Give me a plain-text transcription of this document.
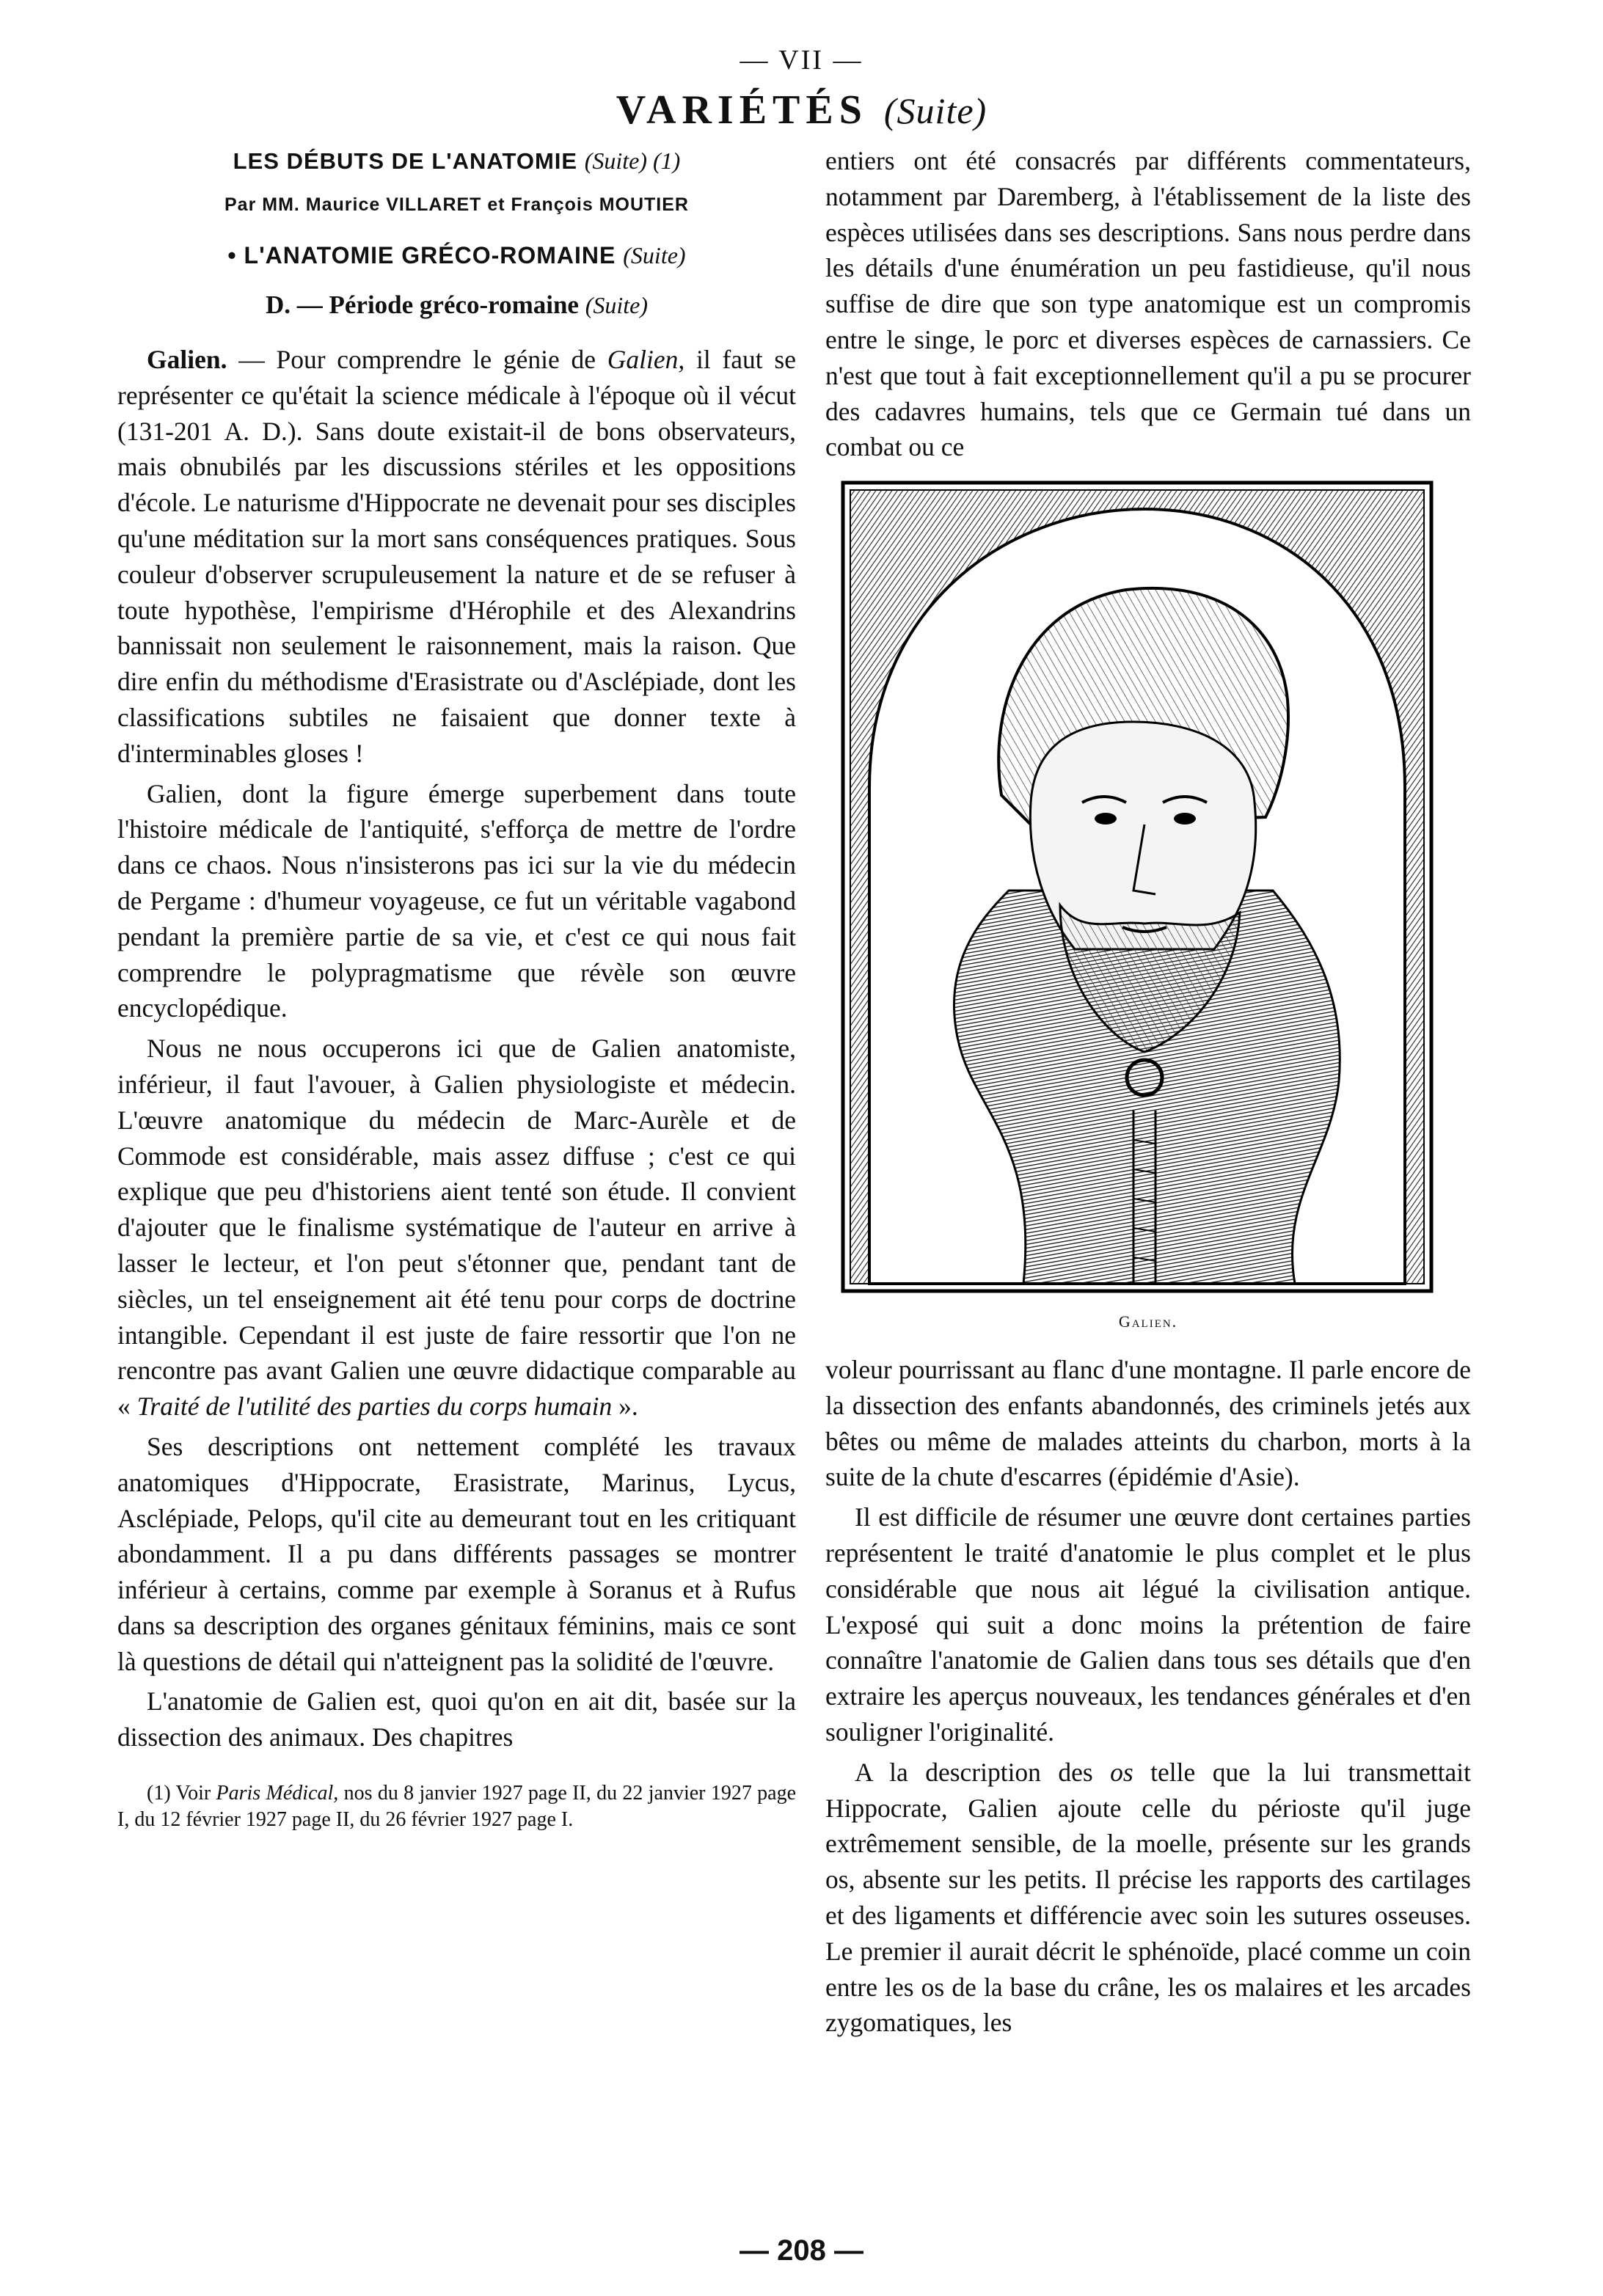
— VII —
VARIÉTÉS (Suite)
LES DÉBUTS DE L'ANATOMIE (Suite) (1)
Par MM. Maurice VILLARET et François MOUTIER
• L'ANATOMIE GRÉCO-ROMAINE (Suite)
D. — Période gréco-romaine (Suite)

Galien. — Pour comprendre le génie de Galien, il faut se représenter ce qu'était la science médicale à l'époque où il vécut (131-201 A. D.). Sans doute existait-il de bons observateurs, mais obnubilés par les discussions stériles et les oppositions d'école. Le naturisme d'Hippocrate ne devenait pour ses disciples qu'une méditation sur la mort sans conséquences pratiques. Sous couleur d'observer scrupuleusement la nature et de se refuser à toute hypothèse, l'empirisme d'Hérophile et des Alexandrins bannissait non seulement le raisonnement, mais la raison. Que dire enfin du méthodisme d'Erasistrate ou d'Asclépiade, dont les classifications subtiles ne faisaient que donner texte à d'interminables gloses !

Galien, dont la figure émerge superbement dans toute l'histoire médicale de l'antiquité, s'efforça de mettre de l'ordre dans ce chaos. Nous n'insisterons pas ici sur la vie du médecin de Pergame : d'humeur voyageuse, ce fut un véritable vagabond pendant la première partie de sa vie, et c'est ce qui nous fait comprendre le polypragmatisme que révèle son œuvre encyclopédique.

Nous ne nous occuperons ici que de Galien anatomiste, inférieur, il faut l'avouer, à Galien physiologiste et médecin. L'œuvre anatomique du médecin de Marc-Aurèle et de Commode est considérable, mais assez diffuse ; c'est ce qui explique que peu d'historiens aient tenté son étude. Il convient d'ajouter que le finalisme systématique de l'auteur en arrive à lasser le lecteur, et l'on peut s'étonner que, pendant tant de siècles, un tel enseignement ait été tenu pour corps de doctrine intangible. Cependant il est juste de faire ressortir que l'on ne rencontre pas avant Galien une œuvre didactique comparable au « Traité de l'utilité des parties du corps humain ».

Ses descriptions ont nettement complété les travaux anatomiques d'Hippocrate, Erasistrate, Marinus, Lycus, Asclépiade, Pelops, qu'il cite au demeurant tout en les critiquant abondamment. Il a pu dans différents passages se montrer inférieur à certains, comme par exemple à Soranus et à Rufus dans sa description des organes génitaux féminins, mais ce sont là questions de détail qui n'atteignent pas la solidité de l'œuvre.

L'anatomie de Galien est, quoi qu'on en ait dit, basée sur la dissection des animaux. Des chapitres

(1) Voir Paris Médical, nos du 8 janvier 1927 page II, du 22 janvier 1927 page I, du 12 février 1927 page II, du 26 février 1927 page I.

entiers ont été consacrés par différents commentateurs, notamment par Daremberg, à l'établissement de la liste des espèces utilisées dans ses descriptions. Sans nous perdre dans les détails d'une énumération un peu fastidieuse, qu'il nous suffise de dire que son type anatomique est un compromis entre le singe, le porc et diverses espèces de carnassiers. Ce n'est que tout à fait exceptionnellement qu'il a pu se procurer des cadavres humains, tels que ce Germain tué dans un combat ou ce

Galien.

voleur pourrissant au flanc d'une montagne. Il parle encore de la dissection des enfants abandonnés, des criminels jetés aux bêtes ou même de malades atteints du charbon, morts à la suite de la chute d'escarres (épidémie d'Asie).

Il est difficile de résumer une œuvre dont certaines parties représentent le traité d'anatomie le plus complet et le plus considérable que nous ait légué la civilisation antique. L'exposé qui suit a donc moins la prétention de faire connaître l'anatomie de Galien dans tous ses détails que d'en extraire les aperçus nouveaux, les tendances générales et d'en souligner l'originalité.

A la description des os telle que la lui transmettait Hippocrate, Galien ajoute celle du périoste qu'il juge extrêmement sensible, de la moelle, présente sur les grands os, absente sur les petits. Il précise les rapports des cartilages et des ligaments et différencie avec soin les sutures osseuses. Le premier il aurait décrit le sphénoïde, placé comme un coin entre les os de la base du crâne, les os malaires et les arcades zygomatiques, les

— 208 —
